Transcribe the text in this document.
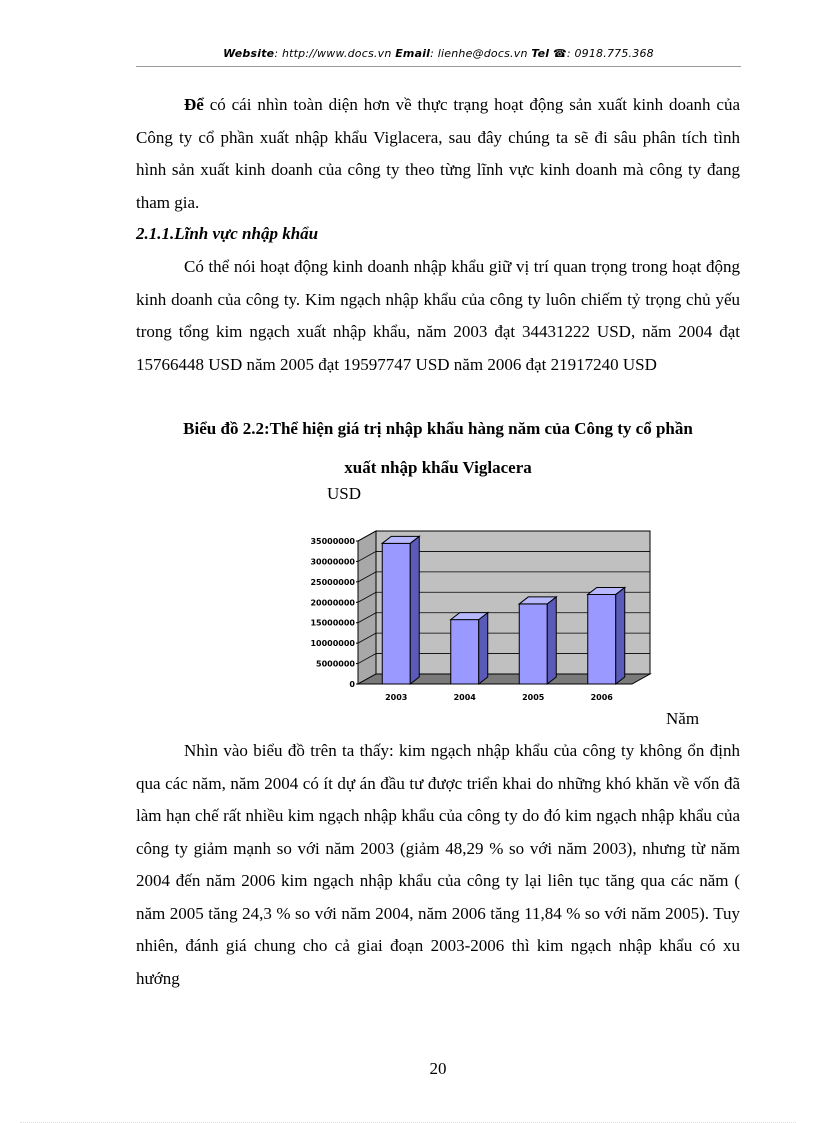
Website: http://www.docs.vn Email: lienhe@docs.vn Tel ☎: 0918.775.368

Để có cái nhìn toàn diện hơn về thực trạng hoạt động sản xuất kinh doanh của Công ty cổ phần xuất nhập khẩu Viglacera, sau đây chúng ta sẽ đi sâu phân tích tình hình sản xuất kinh doanh của công ty theo từng lĩnh vực kinh doanh mà công ty đang tham gia.

2.1.1.Lĩnh vực nhập khẩu

Có thể nói hoạt động kinh doanh nhập khẩu giữ vị trí quan trọng trong hoạt động kinh doanh của công ty. Kim ngạch nhập khẩu của công ty luôn chiếm tỷ trọng chủ yếu trong tổng kim ngạch xuất nhập khẩu, năm 2003 đạt 34431222 USD, năm 2004 đạt 15766448 USD năm 2005 đạt 19597747 USD năm 2006 đạt 21917240 USD

Biểu đồ 2.2:Thể hiện giá trị nhập khẩu hàng năm của Công ty cổ phần

xuất nhập khẩu Viglacera

USD
0
5000000
10000000
15000000
20000000
25000000
30000000
35000000
2003	2004	2005	2006
Năm

Nhìn vào biểu đồ trên ta thấy: kim ngạch nhập khẩu của công ty không ổn định qua các năm, năm 2004 có ít dự án đầu tư được triển khai do những khó khăn về vốn đã làm hạn chế rất nhiều kim ngạch nhập khẩu của công ty do đó kim ngạch nhập khẩu của công ty giảm mạnh so với năm 2003 (giảm 48,29 % so với năm 2003), nhưng từ năm 2004 đến năm 2006 kim ngạch nhập khẩu của công ty lại liên tục tăng qua các năm ( năm 2005 tăng 24,3 % so với năm 2004, năm 2006 tăng 11,84 % so với năm 2005). Tuy nhiên, đánh giá chung cho cả giai đoạn 2003-2006 thì kim ngạch nhập khẩu có xu hướng

20
